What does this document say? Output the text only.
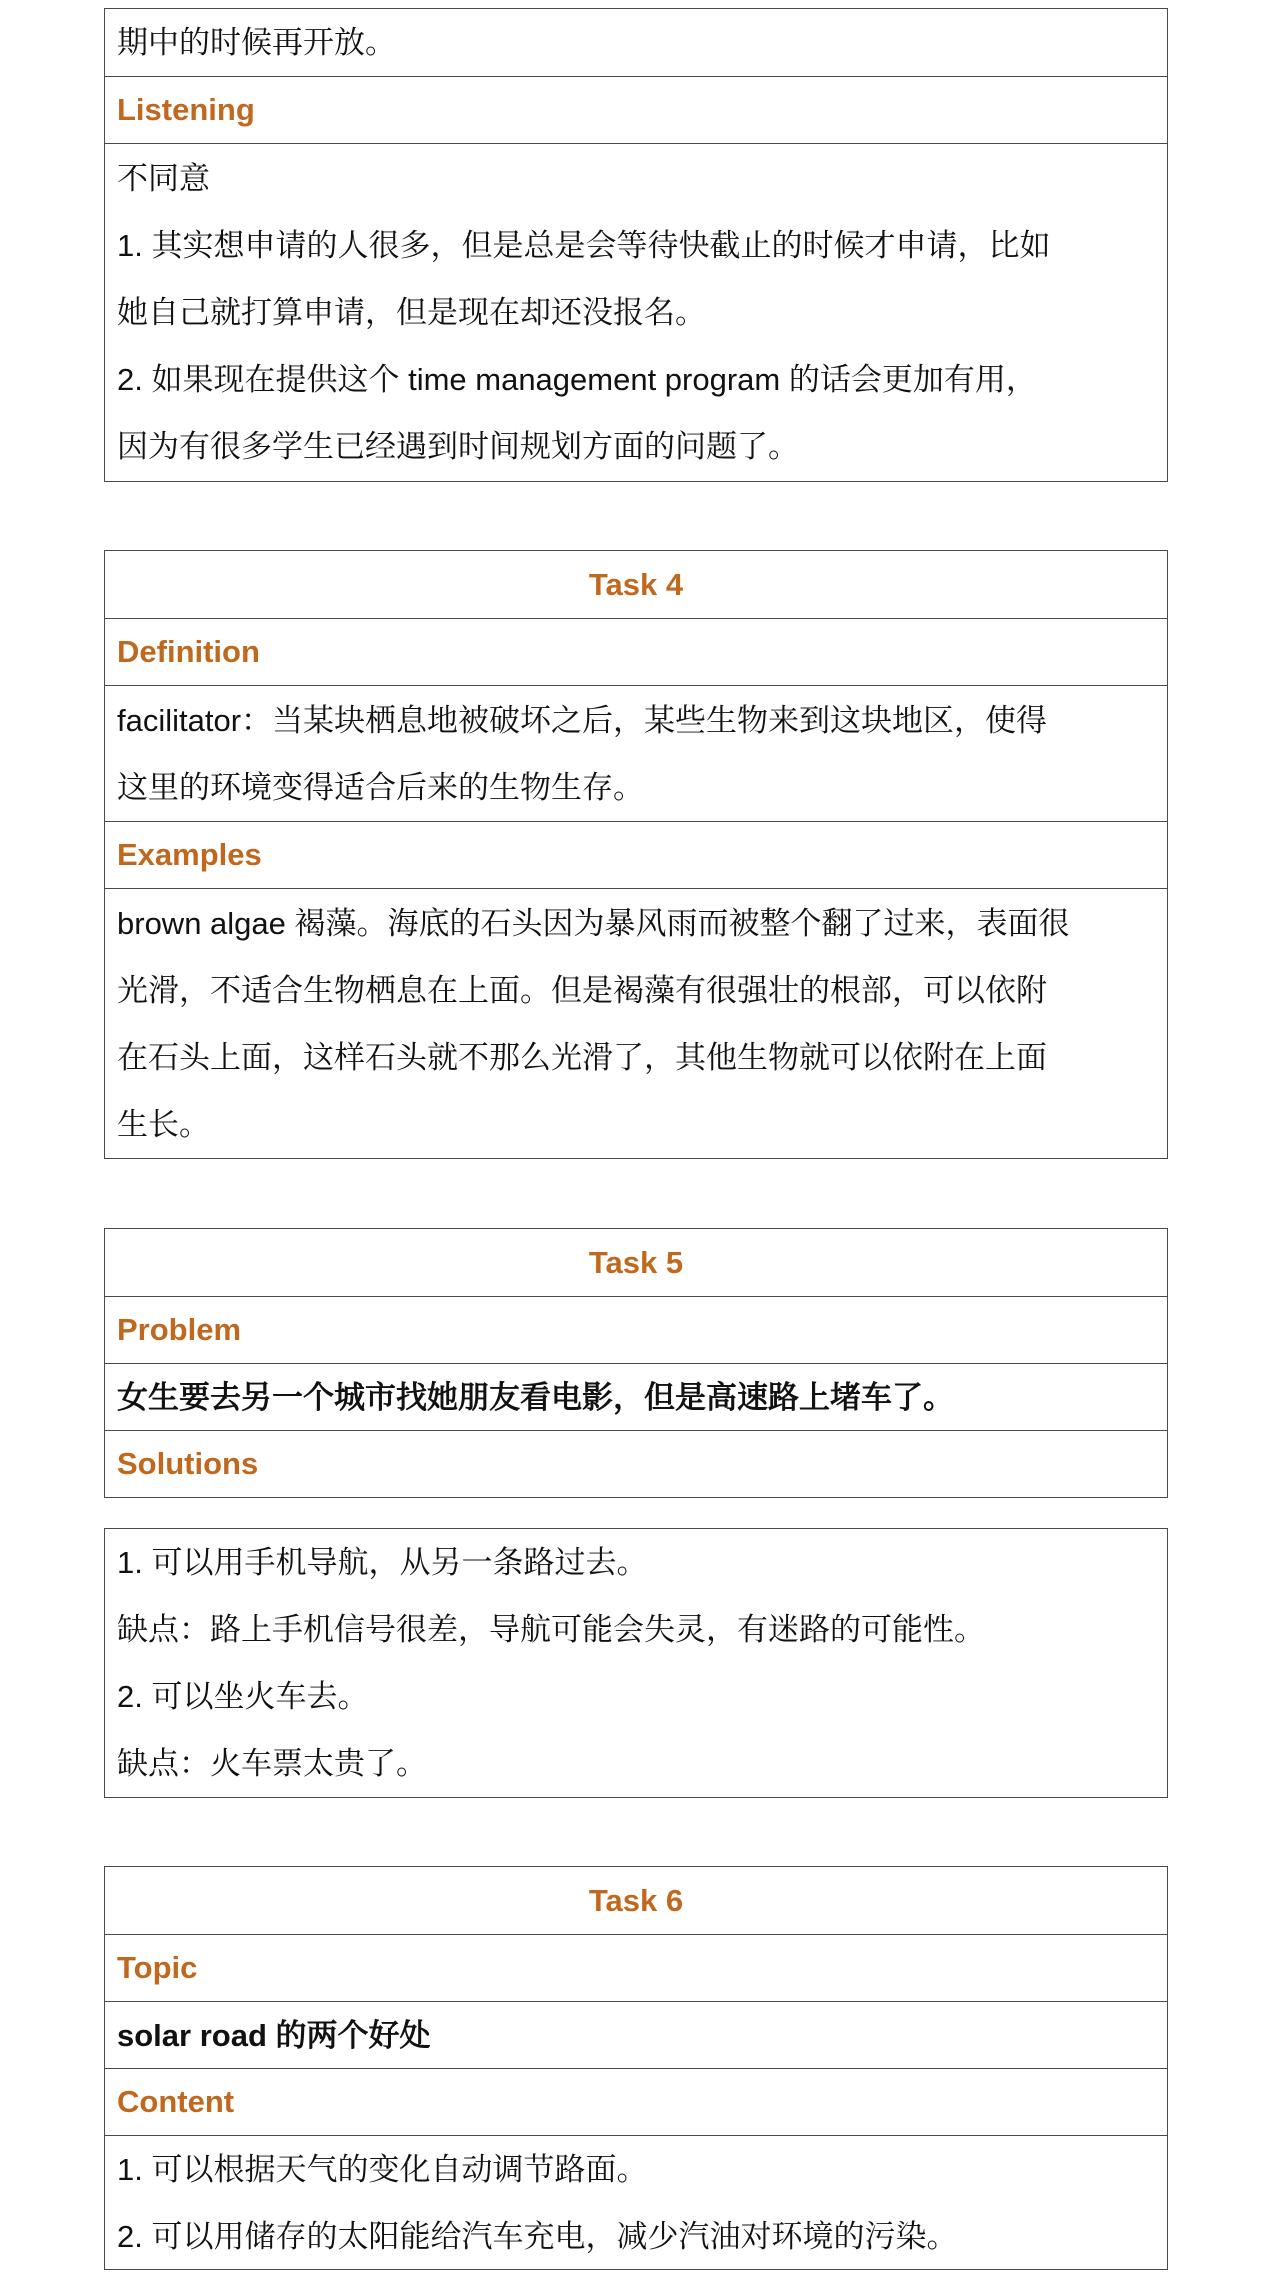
期中的时候再开放。
Listening
不同意
1. 其实想申请的人很多，但是总是会等待快截止的时候才申请，比如
她自己就打算申请，但是现在却还没报名。
2. 如果现在提供这个 time management program 的话会更加有用，
因为有很多学生已经遇到时间规划方面的问题了。
Task 4
Definition
facilitator：当某块栖息地被破坏之后，某些生物来到这块地区，使得
这里的环境变得适合后来的生物生存。
Examples
brown algae 褐藻。海底的石头因为暴风雨而被整个翻了过来，表面很
光滑，不适合生物栖息在上面。但是褐藻有很强壮的根部，可以依附
在石头上面，这样石头就不那么光滑了，其他生物就可以依附在上面
生长。
Task 5
Problem
女生要去另一个城市找她朋友看电影，但是高速路上堵车了。
Solutions
1. 可以用手机导航，从另一条路过去。
缺点：路上手机信号很差，导航可能会失灵，有迷路的可能性。
2. 可以坐火车去。
缺点：火车票太贵了。
Task 6
Topic
solar road 的两个好处
Content
1. 可以根据天气的变化自动调节路面。
2. 可以用储存的太阳能给汽车充电，减少汽油对环境的污染。
